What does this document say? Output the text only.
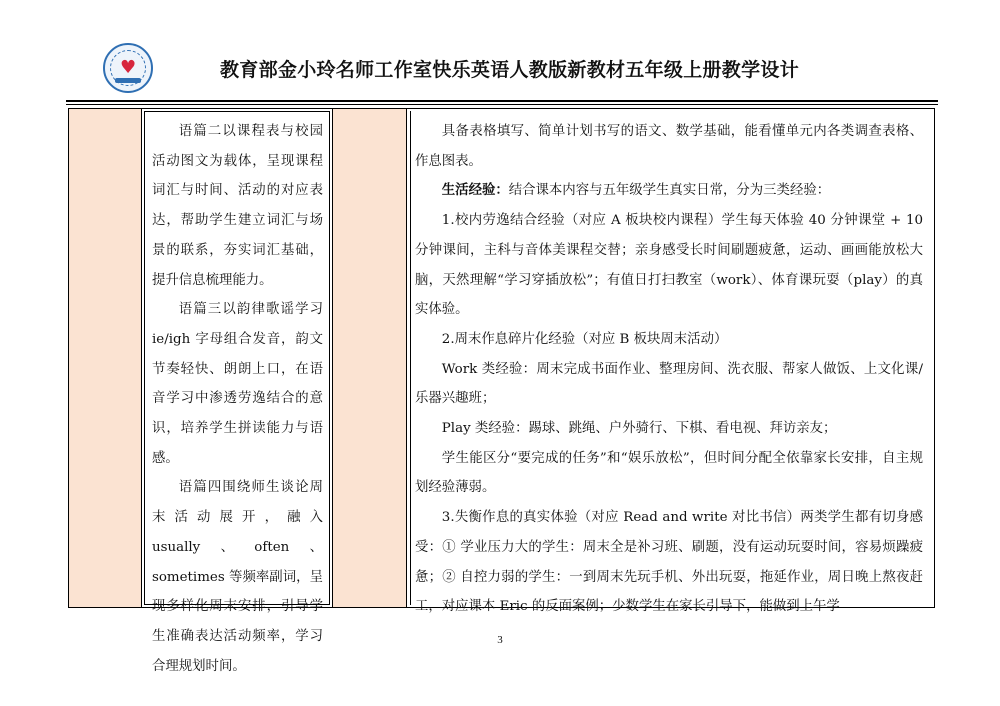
♥	教育部金小玲名师工作室快乐英语人教版新教材五年级上册教学设计

语篇二以课程表与校园活动图文为载体，呈现课程词汇与时间、活动的对应表达，帮助学生建立词汇与场景的联系，夯实词汇基础，提升信息梳理能力。

语篇三以韵律歌谣学习 ie/igh 字母组合发音，韵文节奏轻快、朗朗上口，在语音学习中渗透劳逸结合的意识，培养学生拼读能力与语感。

语篇四围绕师生谈论周末活动展开，融入 usually、often、sometimes 等频率副词，呈现多样化周末安排，引导学生准确表达活动频率，学习合理规划时间。

具备表格填写、简单计划书写的语文、数学基础，能看懂单元内各类调查表格、作息图表。

生活经验：结合课本内容与五年级学生真实日常，分为三类经验：

1.校内劳逸结合经验（对应 A 板块校内课程）学生每天体验 40 分钟课堂 + 10 分钟课间，主科与音体美课程交替；亲身感受长时间刷题疲惫，运动、画画能放松大脑，天然理解“学习穿插放松”；有值日打扫教室（work）、体育课玩耍（play）的真实体验。

2.周末作息碎片化经验（对应 B 板块周末活动）

Work 类经验：周末完成书面作业、整理房间、洗衣服、帮家人做饭、上文化课/乐器兴趣班；

Play 类经验：踢球、跳绳、户外骑行、下棋、看电视、拜访亲友；

学生能区分“要完成的任务”和“娱乐放松”，但时间分配全依靠家长安排，自主规划经验薄弱。

3.失衡作息的真实体验（对应 Read and write 对比书信）两类学生都有切身感受：① 学业压力大的学生：周末全是补习班、刷题，没有运动玩耍时间，容易烦躁疲惫；② 自控力弱的学生：一到周末先玩手机、外出玩耍，拖延作业，周日晚上熬夜赶工，对应课本 Eric 的反面案例；少数学生在家长引导下，能做到上午学

3
